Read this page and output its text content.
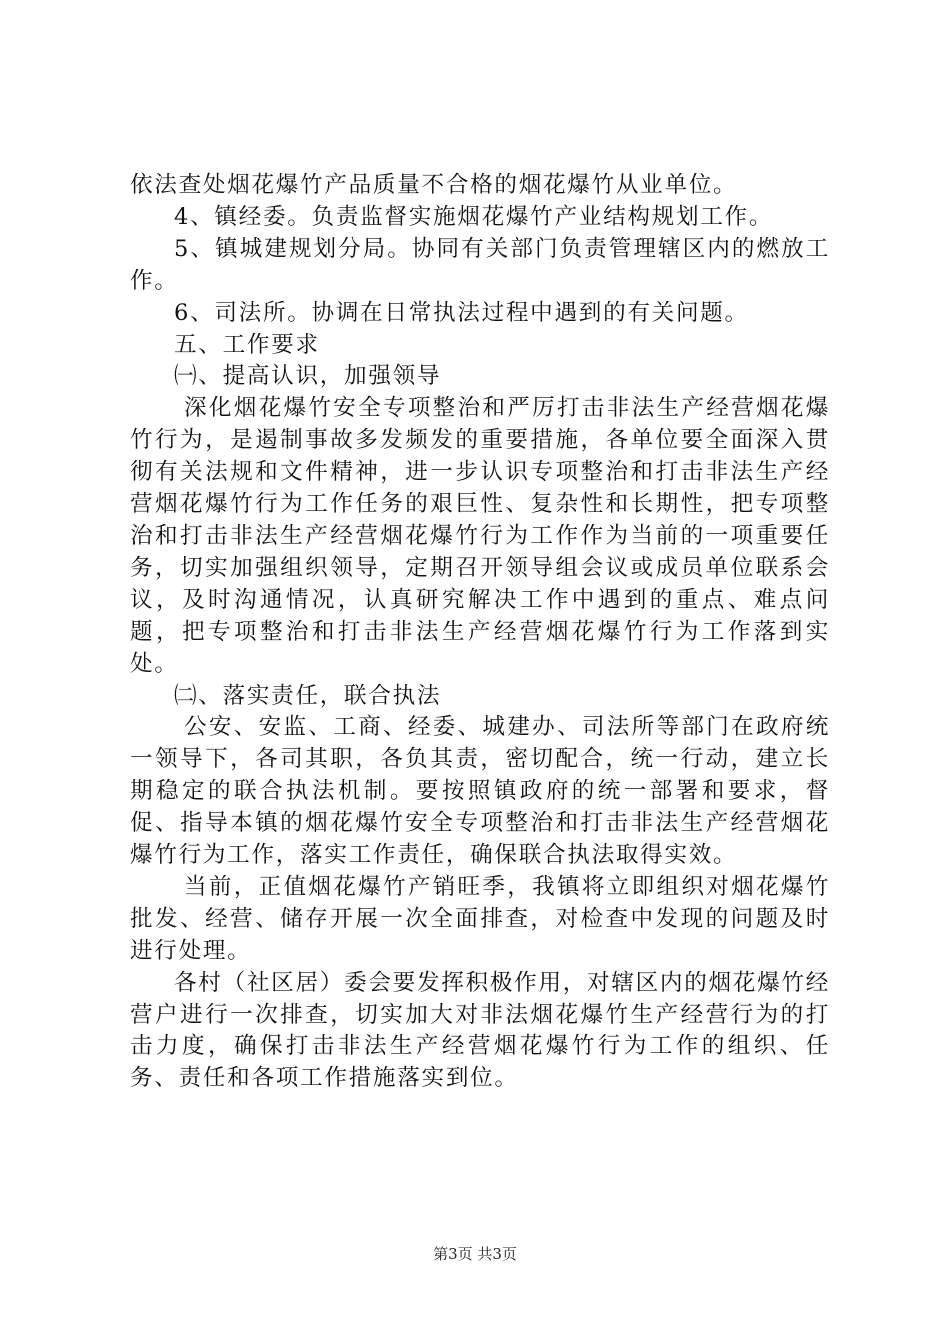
依法查处烟花爆竹产品质量不合格的烟花爆竹从业单位。

4、镇经委。负责监督实施烟花爆竹产业结构规划工作。

5、镇城建规划分局。协同有关部门负责管理辖区内的燃放工作。

6、司法所。协调在日常执法过程中遇到的有关问题。

五、工作要求

㈠、提高认识，加强领导

深化烟花爆竹安全专项整治和严厉打击非法生产经营烟花爆竹行为，是遏制事故多发频发的重要措施，各单位要全面深入贯彻有关法规和文件精神，进一步认识专项整治和打击非法生产经营烟花爆竹行为工作任务的艰巨性、复杂性和长期性，把专项整治和打击非法生产经营烟花爆竹行为工作作为当前的一项重要任务，切实加强组织领导，定期召开领导组会议或成员单位联系会议，及时沟通情况，认真研究解决工作中遇到的重点、难点问题，把专项整治和打击非法生产经营烟花爆竹行为工作落到实处。

㈡、落实责任，联合执法

公安、安监、工商、经委、城建办、司法所等部门在政府统一领导下，各司其职，各负其责，密切配合，统一行动，建立长期稳定的联合执法机制。要按照镇政府的统一部署和要求，督促、指导本镇的烟花爆竹安全专项整治和打击非法生产经营烟花爆竹行为工作，落实工作责任，确保联合执法取得实效。

当前，正值烟花爆竹产销旺季，我镇将立即组织对烟花爆竹批发、经营、储存开展一次全面排查，对检查中发现的问题及时进行处理。

各村（社区居）委会要发挥积极作用，对辖区内的烟花爆竹经营户进行一次排查，切实加大对非法烟花爆竹生产经营行为的打击力度，确保打击非法生产经营烟花爆竹行为工作的组织、任务、责任和各项工作措施落实到位。

第3页 共3页
